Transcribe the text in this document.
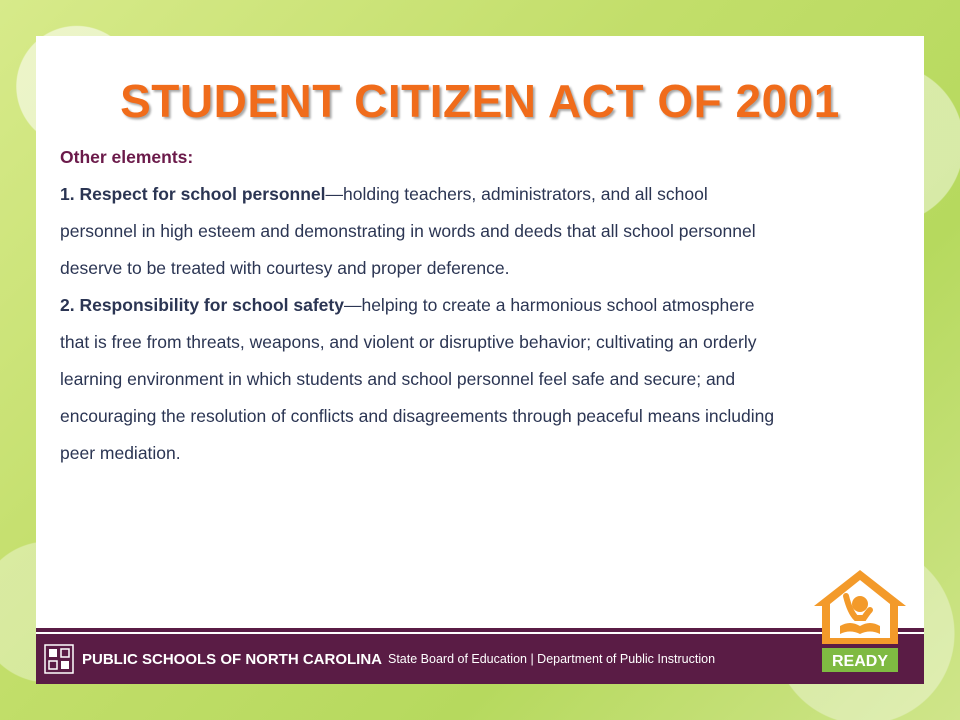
STUDENT CITIZEN ACT OF 2001

Other elements:

1. Respect for school personnel—holding teachers, administrators, and all school

personnel in high esteem and demonstrating in words and deeds that all school personnel

deserve to be treated with courtesy and proper deference.

2. Responsibility for school safety—helping to create a harmonious school atmosphere

that is free from threats, weapons, and violent or disruptive behavior; cultivating an orderly

learning environment in which students and school personnel feel safe and secure; and

encouraging the resolution of conflicts and disagreements through peaceful means including

peer mediation.

PUBLIC SCHOOLS OF NORTH CAROLINA State Board of Education | Department of Public Instruction	READY
